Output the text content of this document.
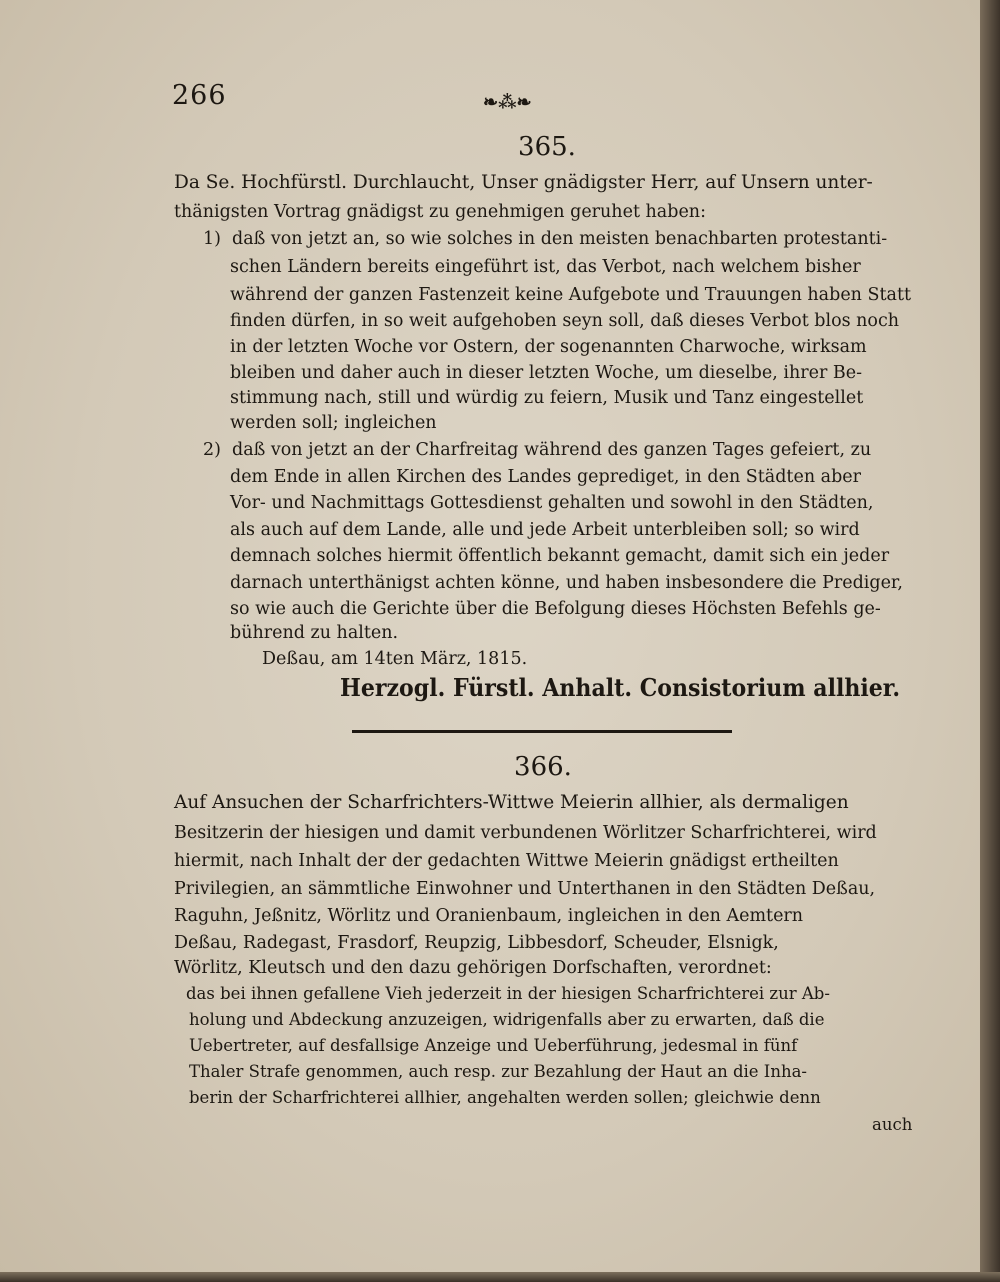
266	❧⁂❧
365.
Da Se. Hochfürstl. Durchlaucht, Unser gnädigster Herr, auf Unsern unter-
thänigsten Vortrag gnädigst zu genehmigen geruhet haben:
1) daß von jetzt an, so wie solches in den meisten benachbarten protestanti-
schen Ländern bereits eingeführt ist, das Verbot, nach welchem bisher
während der ganzen Fastenzeit keine Aufgebote und Trauungen haben Statt
finden dürfen, in so weit aufgehoben seyn soll, daß dieses Verbot blos noch
in der letzten Woche vor Ostern, der sogenannten Charwoche, wirksam
bleiben und daher auch in dieser letzten Woche, um dieselbe, ihrer Be-
stimmung nach, still und würdig zu feiern, Musik und Tanz eingestellet
werden soll; ingleichen
2) daß von jetzt an der Charfreitag während des ganzen Tages gefeiert, zu
dem Ende in allen Kirchen des Landes geprediget, in den Städten aber
Vor- und Nachmittags Gottesdienst gehalten und sowohl in den Städten,
als auch auf dem Lande, alle und jede Arbeit unterbleiben soll; so wird
demnach solches hiermit öffentlich bekannt gemacht, damit sich ein jeder
darnach unterthänigst achten könne, und haben insbesondere die Prediger,
so wie auch die Gerichte über die Befolgung dieses Höchsten Befehls ge-
bührend zu halten.
Deßau, am 14ten März, 1815.
Herzogl. Fürstl. Anhalt. Consistorium allhier.
366.
Auf Ansuchen der Scharfrichters-Wittwe Meierin allhier, als dermaligen
Besitzerin der hiesigen und damit verbundenen Wörlitzer Scharfrichterei, wird
hiermit, nach Inhalt der der gedachten Wittwe Meierin gnädigst ertheilten
Privilegien, an sämmtliche Einwohner und Unterthanen in den Städten Deßau,
Raguhn, Jeßnitz, Wörlitz und Oranienbaum, ingleichen in den Aemtern
Deßau, Radegast, Frasdorf, Reupzig, Libbesdorf, Scheuder, Elsnigk,
Wörlitz, Kleutsch und den dazu gehörigen Dorfschaften, verordnet:
das bei ihnen gefallene Vieh jederzeit in der hiesigen Scharfrichterei zur Ab-
holung und Abdeckung anzuzeigen, widrigenfalls aber zu erwarten, daß die
Uebertreter, auf desfallsige Anzeige und Ueberführung, jedesmal in fünf
Thaler Strafe genommen, auch resp. zur Bezahlung der Haut an die Inha-
berin der Scharfrichterei allhier, angehalten werden sollen; gleichwie denn
auch
